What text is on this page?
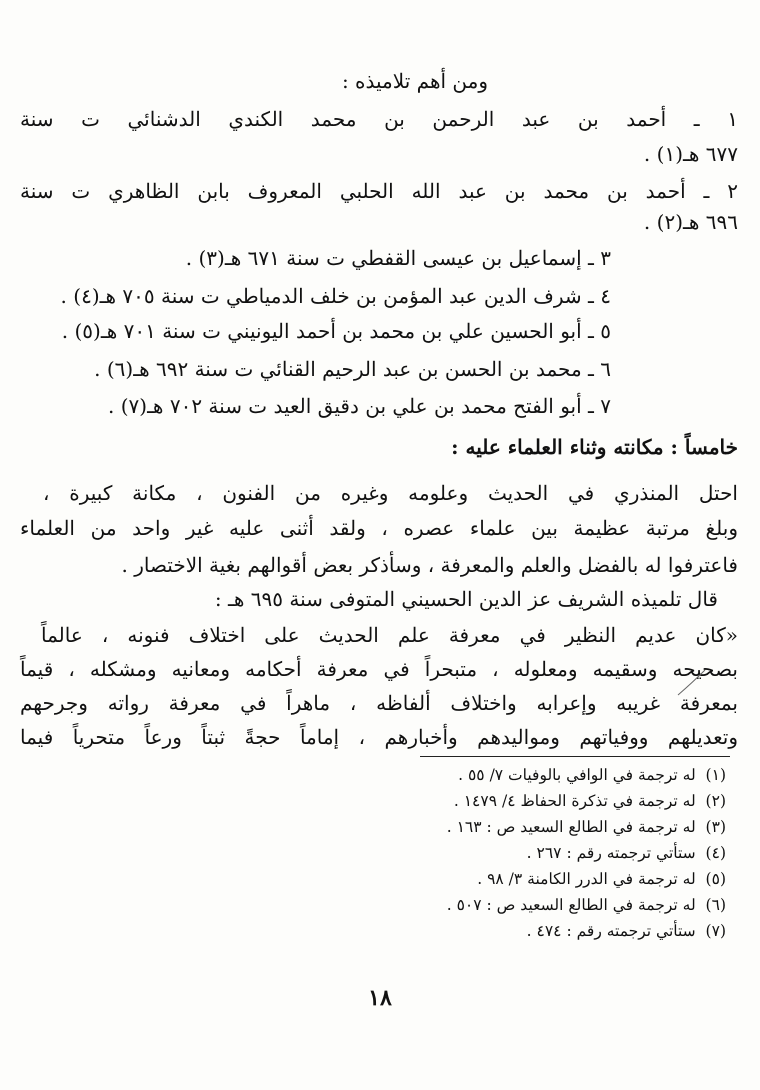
ومن أهم تلاميذه :
١ ـ أحمد بن عبد الرحمن بن محمد الكندي الدشنائي ت سنة
٦٧٧ هـ(١) .
٢ ـ أحمد بن محمد بن عبد الله الحلبي المعروف بابن الظاهري ت سنة
٦٩٦ هـ(٢) .
٣ ـ إسماعيل بن عيسى القفطي ت سنة ٦٧١ هـ(٣) .
٤ ـ شرف الدين عبد المؤمن بن خلف الدمياطي ت سنة ٧٠٥ هـ(٤) .
٥ ـ أبو الحسين علي بن محمد بن أحمد اليونيني ت سنة ٧٠١ هـ(٥) .
٦ ـ محمد بن الحسن بن عبد الرحيم القنائي ت سنة ٦٩٢ هـ(٦) .
٧ ـ أبو الفتح محمد بن علي بن دقيق العيد ت سنة ٧٠٢ هـ(٧) .
خامساً : مكانته وثناء العلماء عليه :
احتل المنذري في الحديث وعلومه وغيره من الفنون ، مكانة كبيرة ،
وبلغ مرتبة عظيمة بين علماء عصره ، ولقد أثنى عليه غير واحد من العلماء
فاعترفوا له بالفضل والعلم والمعرفة ، وسأذكر بعض أقوالهم بغية الاختصار .
قال تلميذه الشريف عز الدين الحسيني المتوفى سنة ٦٩٥ هـ :
«كان عديم النظير في معرفة علم الحديث على اختلاف فنونه ، عالماً
بصحيحه وسقيمه ومعلوله ، متبحراً في معرفة أحكامه ومعانيه ومشكله ، قيماً
بمعرفة غريبه وإعرابه واختلاف ألفاظه ، ماهراً في معرفة رواته وجرحهم
وتعديلهم ووفياتهم ومواليدهم وأخبارهم ، إماماً حجةً ثبتاً ورعاً متحرياً فيما
(١)  له ترجمة في الوافي بالوفيات ٧/ ٥٥ .
(٢)  له ترجمة في تذكرة الحفاظ ٤/ ١٤٧٩ .
(٣)  له ترجمة في الطالع السعيد ص : ١٦٣ .
(٤)  ستأتي ترجمته رقم : ٢٦٧ .
(٥)  له ترجمة في الدرر الكامنة ٣/ ٩٨ .
(٦)  له ترجمة في الطالع السعيد ص : ٥٠٧ .
(٧)  ستأتي ترجمته رقم : ٤٧٤ .
١٨
